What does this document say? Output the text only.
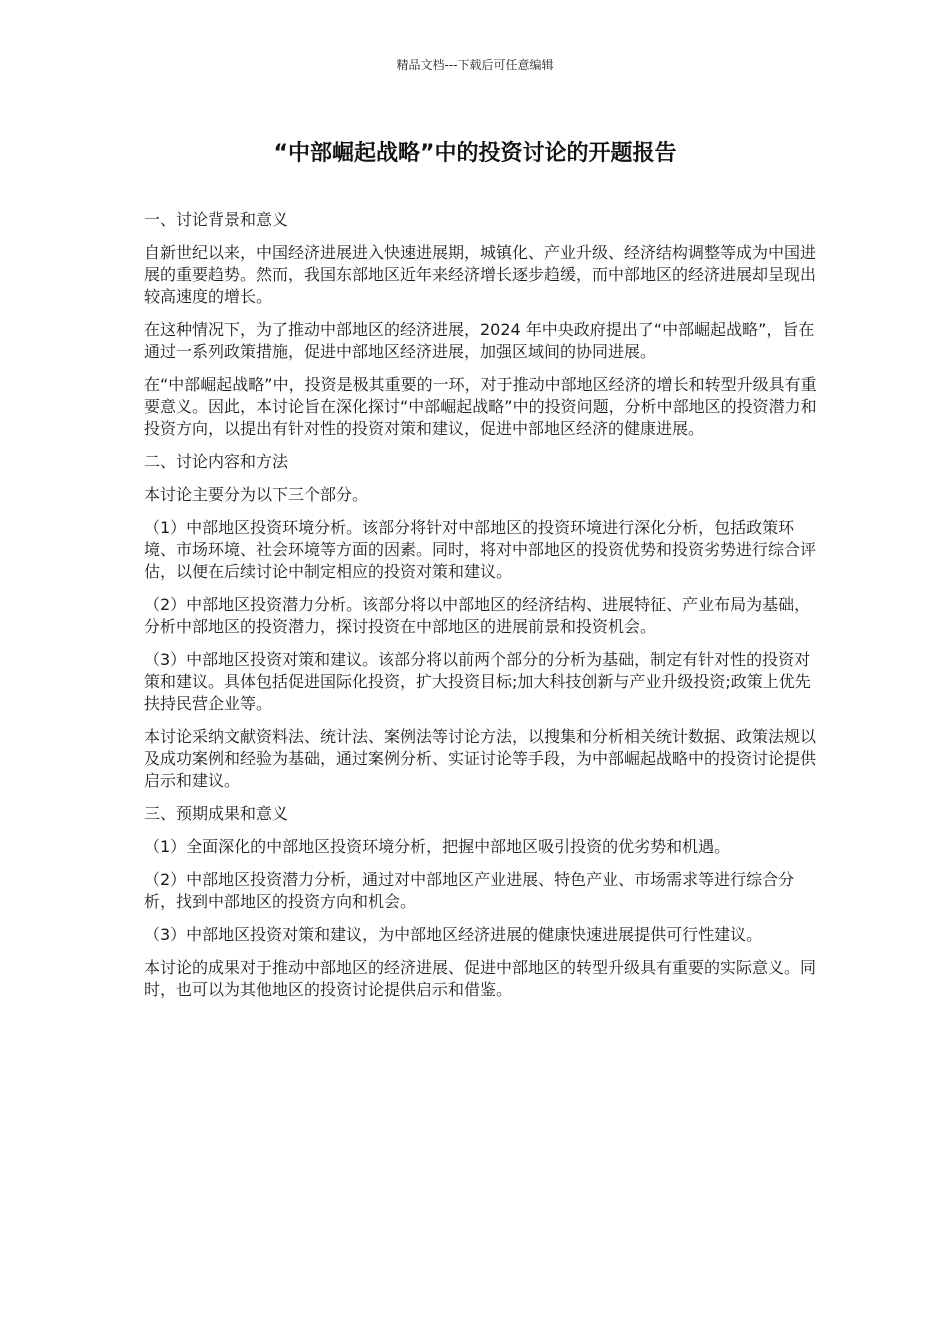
精品文档---下载后可任意编辑
“中部崛起战略”中的投资讨论的开题报告

一、讨论背景和意义

自新世纪以来，中国经济进展进入快速进展期，城镇化、产业升级、经济结构调整等成为中国进展的重要趋势。然而，我国东部地区近年来经济增长逐步趋缓，而中部地区的经济进展却呈现出较高速度的增长。

在这种情况下，为了推动中部地区的经济进展，2024 年中央政府提出了“中部崛起战略”，旨在通过一系列政策措施，促进中部地区经济进展，加强区域间的协同进展。

在“中部崛起战略”中，投资是极其重要的一环，对于推动中部地区经济的增长和转型升级具有重要意义。因此，本讨论旨在深化探讨“中部崛起战略”中的投资问题，分析中部地区的投资潜力和投资方向，以提出有针对性的投资对策和建议，促进中部地区经济的健康进展。

二、讨论内容和方法

本讨论主要分为以下三个部分。

（1）中部地区投资环境分析。该部分将针对中部地区的投资环境进行深化分析，包括政策环境、市场环境、社会环境等方面的因素。同时，将对中部地区的投资优势和投资劣势进行综合评估，以便在后续讨论中制定相应的投资对策和建议。

（2）中部地区投资潜力分析。该部分将以中部地区的经济结构、进展特征、产业布局为基础，分析中部地区的投资潜力，探讨投资在中部地区的进展前景和投资机会。

（3）中部地区投资对策和建议。该部分将以前两个部分的分析为基础，制定有针对性的投资对策和建议。具体包括促进国际化投资，扩大投资目标;加大科技创新与产业升级投资;政策上优先扶持民营企业等。

本讨论采纳文献资料法、统计法、案例法等讨论方法，以搜集和分析相关统计数据、政策法规以及成功案例和经验为基础，通过案例分析、实证讨论等手段，为中部崛起战略中的投资讨论提供启示和建议。

三、预期成果和意义

（1）全面深化的中部地区投资环境分析，把握中部地区吸引投资的优劣势和机遇。

（2）中部地区投资潜力分析，通过对中部地区产业进展、特色产业、市场需求等进行综合分析，找到中部地区的投资方向和机会。

（3）中部地区投资对策和建议，为中部地区经济进展的健康快速进展提供可行性建议。

本讨论的成果对于推动中部地区的经济进展、促进中部地区的转型升级具有重要的实际意义。同时，也可以为其他地区的投资讨论提供启示和借鉴。
